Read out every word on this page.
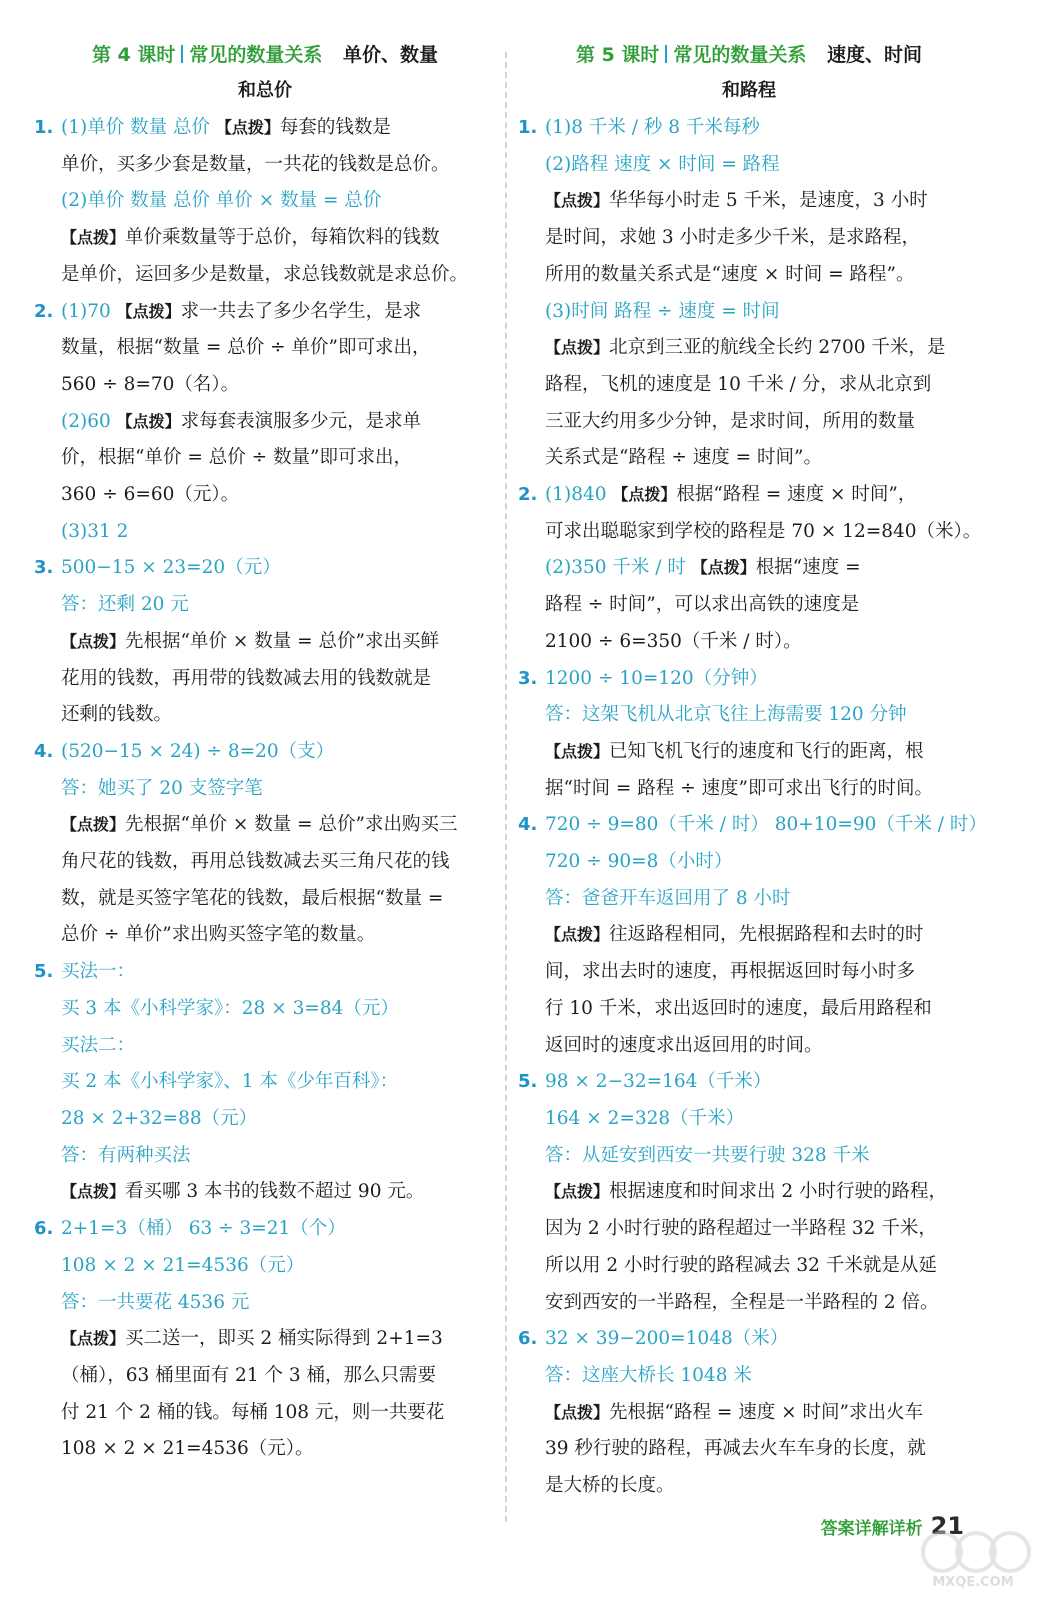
第 4 课时 常见的数量关系 单价、数量
和总价
1. (1)单价 数量 总价 【点拨】每套的钱数是
单价，买多少套是数量，一共花的钱数是总价。
(2)单价 数量 总价 单价 × 数量 = 总价
【点拨】单价乘数量等于总价，每箱饮料的钱数
是单价，运回多少是数量，求总钱数就是求总价。
2. (1)70 【点拨】求一共去了多少名学生，是求
数量，根据“数量 = 总价 ÷ 单价”即可求出，
560 ÷ 8=70（名）。
(2)60 【点拨】求每套表演服多少元，是求单
价，根据“单价 = 总价 ÷ 数量”即可求出，
360 ÷ 6=60（元）。
(3)31 2
3. 500−15 × 23=20（元）
答：还剩 20 元
【点拨】先根据“单价 × 数量 = 总价”求出买鲜
花用的钱数，再用带的钱数减去用的钱数就是
还剩的钱数。
4. (520−15 × 24) ÷ 8=20（支）
答：她买了 20 支签字笔
【点拨】先根据“单价 × 数量 = 总价”求出购买三
角尺花的钱数，再用总钱数减去买三角尺花的钱
数，就是买签字笔花的钱数，最后根据“数量 =
总价 ÷ 单价”求出购买签字笔的数量。
5. 买法一：
买 3 本《小科学家》：28 × 3=84（元）
买法二：
买 2 本《小科学家》、1 本《少年百科》：
28 × 2+32=88（元）
答：有两种买法
【点拨】看买哪 3 本书的钱数不超过 90 元。
6. 2+1=3（桶） 63 ÷ 3=21（个）
108 × 2 × 21=4536（元）
答：一共要花 4536 元
【点拨】买二送一，即买 2 桶实际得到 2+1=3
（桶），63 桶里面有 21 个 3 桶，那么只需要
付 21 个 2 桶的钱。每桶 108 元，则一共要花
108 × 2 × 21=4536（元）。
第 5 课时 常见的数量关系 速度、时间
和路程
1. (1)8 千米 / 秒 8 千米每秒
(2)路程 速度 × 时间 = 路程
【点拨】华华每小时走 5 千米，是速度，3 小时
是时间，求她 3 小时走多少千米，是求路程，
所用的数量关系式是“速度 × 时间 = 路程”。
(3)时间 路程 ÷ 速度 = 时间
【点拨】北京到三亚的航线全长约 2700 千米，是
路程，飞机的速度是 10 千米 / 分，求从北京到
三亚大约用多少分钟，是求时间，所用的数量
关系式是“路程 ÷ 速度 = 时间”。
2. (1)840 【点拨】根据“路程 = 速度 × 时间”，
可求出聪聪家到学校的路程是 70 × 12=840（米）。
(2)350 千米 / 时 【点拨】根据“速度 =
路程 ÷ 时间”，可以求出高铁的速度是
2100 ÷ 6=350（千米 / 时）。
3. 1200 ÷ 10=120（分钟）
答：这架飞机从北京飞往上海需要 120 分钟
【点拨】已知飞机飞行的速度和飞行的距离，根
据“时间 = 路程 ÷ 速度”即可求出飞行的时间。
4. 720 ÷ 9=80（千米 / 时） 80+10=90（千米 / 时）
720 ÷ 90=8（小时）
答：爸爸开车返回用了 8 小时
【点拨】往返路程相同，先根据路程和去时的时
间，求出去时的速度，再根据返回时每小时多
行 10 千米，求出返回时的速度，最后用路程和
返回时的速度求出返回用的时间。
5. 98 × 2−32=164（千米）
164 × 2=328（千米）
答：从延安到西安一共要行驶 328 千米
【点拨】根据速度和时间求出 2 小时行驶的路程，
因为 2 小时行驶的路程超过一半路程 32 千米，
所以用 2 小时行驶的路程减去 32 千米就是从延
安到西安的一半路程，全程是一半路程的 2 倍。
6. 32 × 39−200=1048（米）
答：这座大桥长 1048 米
【点拨】先根据“路程 = 速度 × 时间”求出火车
39 秒行驶的路程，再减去火车车身的长度，就
是大桥的长度。
答案详解详析 21
MXQE.COM
